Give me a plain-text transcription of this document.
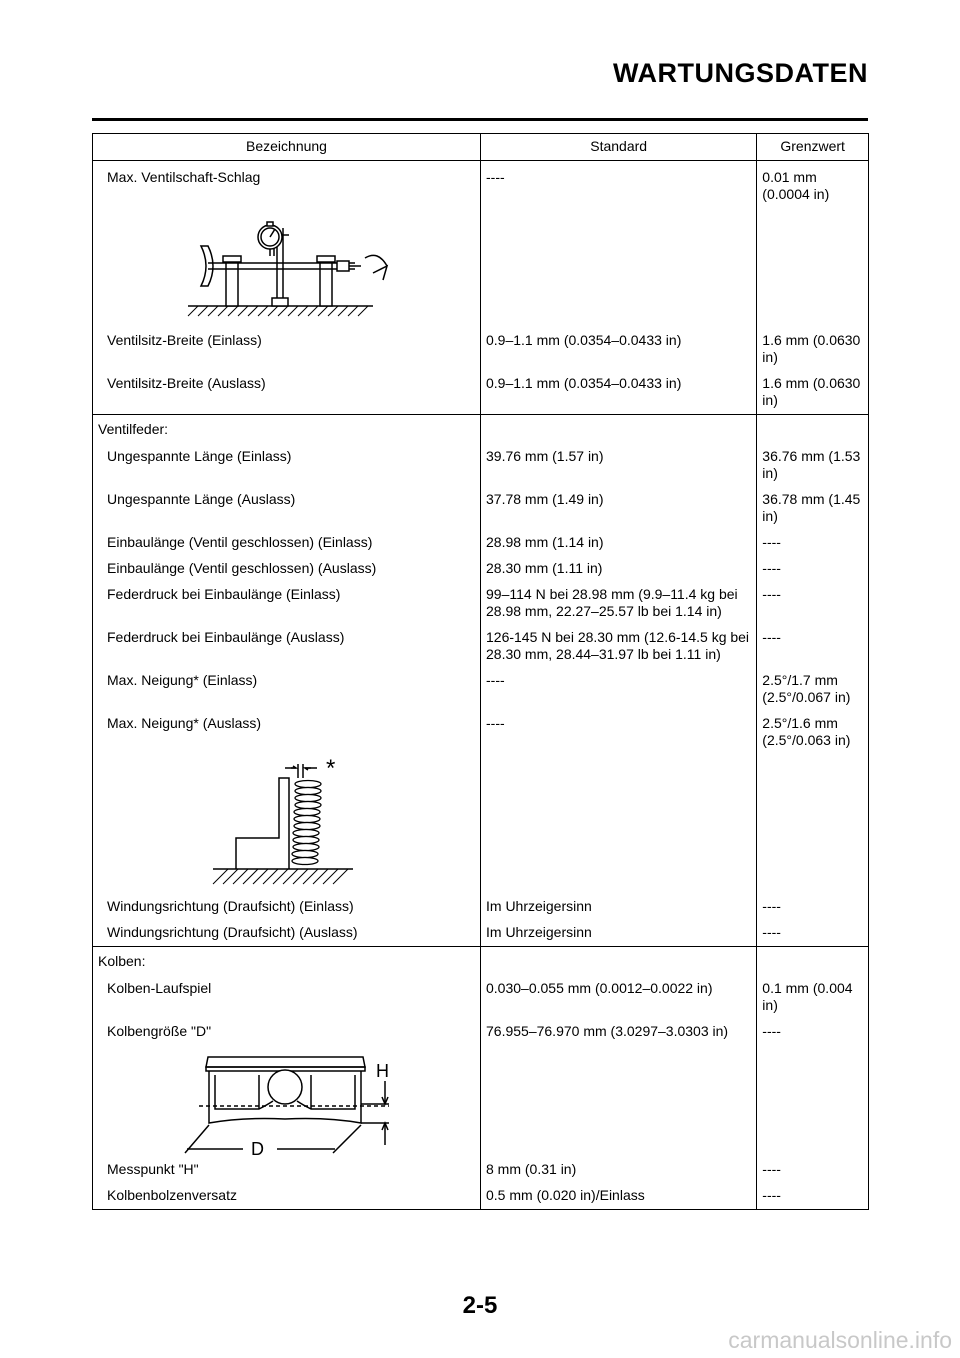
WARTUNGSDATEN
Bezeichnung	Standard	Grenzwert
Max. Ventilschaft-Schlag	----	0.01 mm (0.0004 in)

Ventilsitz-Breite (Einlass)	0.9–1.1 mm (0.0354–0.0433 in)	1.6 mm (0.0630 in)
Ventilsitz-Breite (Auslass)	0.9–1.1 mm (0.0354–0.0433 in)	1.6 mm (0.0630 in)
Ventilfeder:		
Ungespannte Länge (Einlass)	39.76 mm (1.57 in)	36.76 mm (1.53 in)
Ungespannte Länge (Auslass)	37.78 mm (1.49 in)	36.78 mm (1.45 in)
Einbaulänge (Ventil geschlossen) (Einlass)	28.98 mm (1.14 in)	----
Einbaulänge (Ventil geschlossen) (Auslass)	28.30 mm (1.11 in)	----
Federdruck bei Einbaulänge (Einlass)	99–114 N bei 28.98 mm (9.9–11.4 kg bei 28.98 mm, 22.27–25.57 lb bei 1.14 in)	----
Federdruck bei Einbaulänge (Auslass)	126-145 N bei 28.30 mm (12.6-14.5 kg bei 28.30 mm, 28.44–31.97 lb bei 1.11 in)	----
Max. Neigung* (Einlass)	----	2.5°/1.7 mm (2.5°/0.067 in)
Max. Neigung* (Auslass)	----	2.5°/1.6 mm (2.5°/0.063 in)

*		

Windungsrichtung (Draufsicht) (Einlass)	Im Uhrzeigersinn	----
Windungsrichtung (Draufsicht) (Auslass)	Im Uhrzeigersinn	----
Kolben:		
Kolben-Laufspiel	0.030–0.055 mm (0.0012–0.0022 in)	0.1 mm (0.004 in)
Kolbengröße "D"	76.955–76.970 mm (3.0297–3.0303 in)	----

H
D		

Messpunkt "H"	8 mm (0.31 in)	----
Kolbenbolzenversatz	0.5 mm (0.020 in)/Einlass	----
2-5
carmanualsonline.info
